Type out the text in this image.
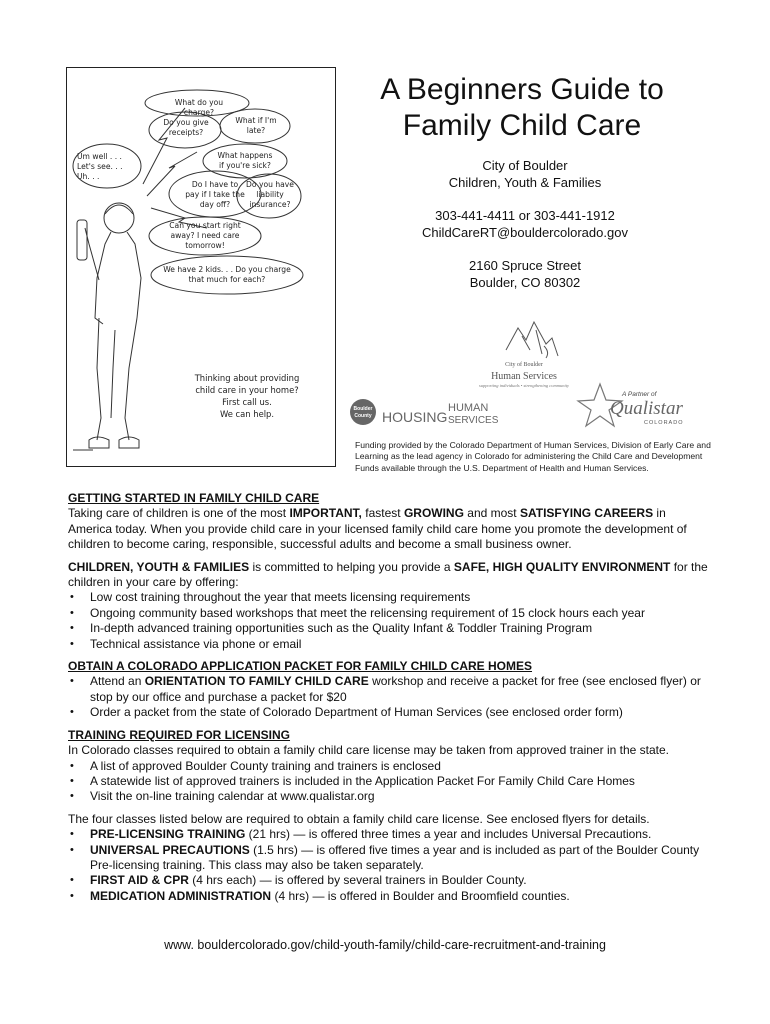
What do you charge?
Do you give
receipts?
What if I'm
late?
Um well . . .
Let's see. . .
Uh. . .
What happens
if you're sick?
Do I have to
pay if I take the
day off?
Do you have
liability
insurance?
Can you start right
away? I need care
tomorrow!
We have 2 kids. . . Do you charge
that much for each?
Thinking about providing
child care in your home?
First call us.
We can help.
A Beginners Guide to
Family Child Care
City of Boulder
Children, Youth & Families
303-441-4411 or 303-441-1912
ChildCareRT@bouldercolorado.gov
2160 Spruce Street
Boulder, CO 80302
City of Boulder
Human Services
supporting individuals • strengthening community
Boulder
County HOUSING
HUMAN
SERVICES
A Partner of
Qualistar
COLORADO
Funding provided by the Colorado Department of Human Services, Division of Early Care and Learning as the lead agency in Colorado for administering the Child Care and Development Funds available through the U.S. Department of Health and Human Services.
GETTING STARTED IN FAMILY CHILD CARE

Taking care of children is one of the most IMPORTANT, fastest GROWING and most SATISFYING CAREERS in America today. When you provide child care in your licensed family child care home you promote the development of children to become caring, responsible, successful adults and become a small business owner.

CHILDREN, YOUTH & FAMILIES is committed to helping you provide a SAFE, HIGH QUALITY ENVIRONMENT for the children in your care by offering:

• Low cost training throughout the year that meets licensing requirements
• Ongoing community based workshops that meet the relicensing requirement of 15 clock hours each year
• In-depth advanced training opportunities such as the Quality Infant & Toddler Training Program
• Technical assistance via phone or email
OBTAIN A COLORADO APPLICATION PACKET FOR FAMILY CHILD CARE HOMES
• Attend an ORIENTATION TO FAMILY CHILD CARE workshop and receive a packet for free (see enclosed flyer) or stop by our office and purchase a packet for $20
• Order a packet from the state of Colorado Department of Human Services (see enclosed order form)
TRAINING REQUIRED FOR LICENSING

In Colorado classes required to obtain a family child care license may be taken from approved trainer in the state.

• A list of approved Boulder County training and trainers is enclosed
• A statewide list of approved trainers is included in the Application Packet For Family Child Care Homes
• Visit the on-line training calendar at www.qualistar.org

The four classes listed below are required to obtain a family child care license. See enclosed flyers for details.

• PRE-LICENSING TRAINING (21 hrs) — is offered three times a year and includes Universal Precautions.
• UNIVERSAL PRECAUTIONS (1.5 hrs) — is offered five times a year and is included as part of the Boulder County Pre-licensing training. This class may also be taken separately.
• FIRST AID & CPR (4 hrs each) — is offered by several trainers in Boulder County.
• MEDICATION ADMINISTRATION (4 hrs) — is offered in Boulder and Broomfield counties.
www. bouldercolorado.gov/child-youth-family/child-care-recruitment-and-training
